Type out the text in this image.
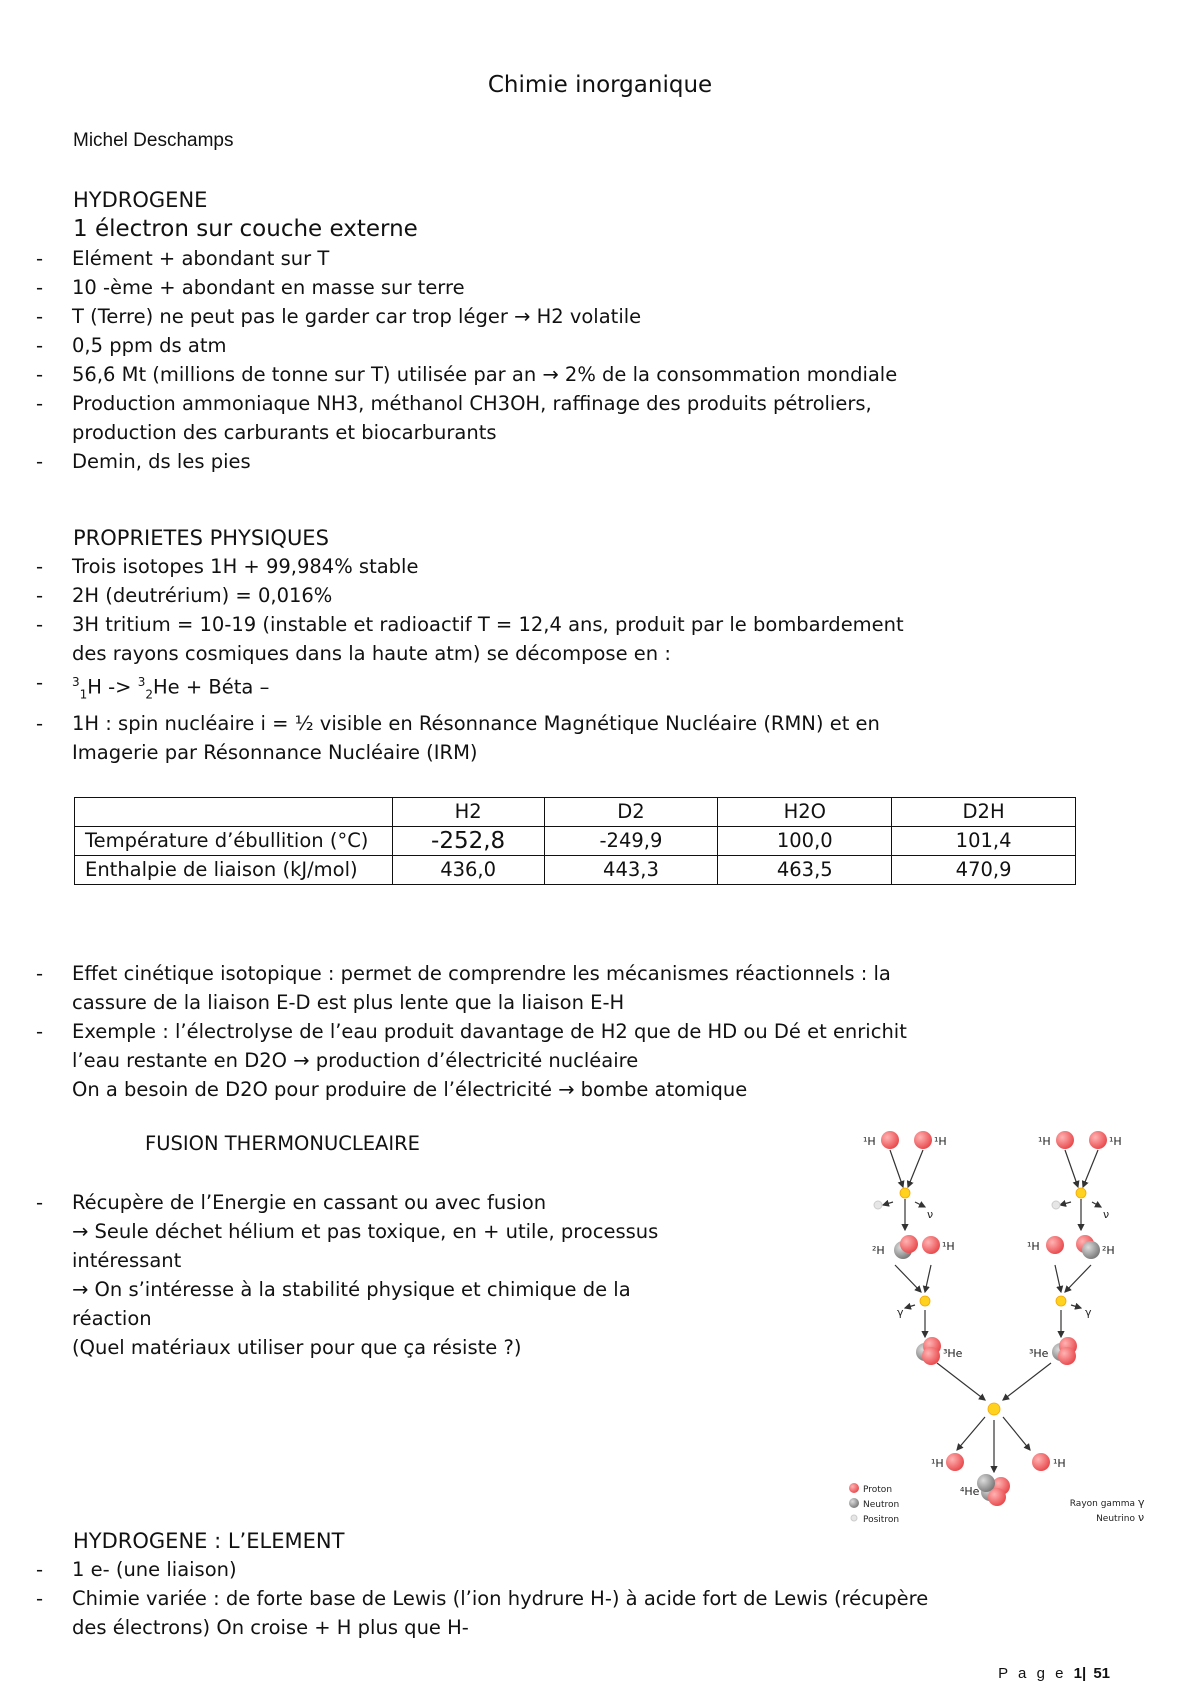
Chimie inorganique
Michel Deschamps
HYDROGENE
1 électron sur couche externe
- Elément + abondant sur T
- 10 -ème + abondant en masse sur terre
- T (Terre) ne peut pas le garder car trop léger → H2 volatile
- 0,5 ppm ds atm
- 56,6 Mt (millions de tonne sur T) utilisée par an → 2% de la consommation mondiale
- Production ammoniaque NH3, méthanol CH3OH, raffinage des produits pétroliers,
production des carburants et biocarburants
- Demin, ds les pies
PROPRIETES PHYSIQUES
- Trois isotopes 1H + 99,984% stable
- 2H (deutrérium) = 0,016%
- 3H tritium = 10-19 (instable et radioactif T = 12,4 ans, produit par le bombardement
des rayons cosmiques dans la haute atm) se décompose en :
- $^3_1$H -> $^3_2$He + Béta –
- 1H : spin nucléaire i = ½ visible en Résonnance Magnétique Nucléaire (RMN) et en
Imagerie par Résonnance Nucléaire (IRM)
	H2	D2	H2O	D2H
Température d’ébullition (°C)	-252,8	-249,9	100,0	101,4
Enthalpie de liaison (kJ/mol)	436,0	443,3	463,5	470,9
- Effet cinétique isotopique : permet de comprendre les mécanismes réactionnels : la
cassure de la liaison E-D est plus lente que la liaison E-H
- Exemple : l’électrolyse de l’eau produit davantage de H2 que de HD ou Dé et enrichit
l’eau restante en D2O → production d’électricité nucléaire
On a besoin de D2O pour produire de l’électricité → bombe atomique
FUSION THERMONUCLEAIRE
- Récupère de l’Energie en cassant ou avec fusion
→ Seule déchet hélium et pas toxique, en + utile, processus
intéressant
→ On s’intéresse à la stabilité physique et chimique de la
réaction
(Quel matériaux utiliser pour que ça résiste ?)
¹H	¹H	¹H	¹H
ν	ν
²H	¹H	¹H	²H
γ	γ
³He	³He
¹H	¹H
⁴He
Proton
Neutron
Positron
Rayon gamma
Neutrino
γ
ν
HYDROGENE : L’ELEMENT
- 1 e- (une liaison)
- Chimie variée : de forte base de Lewis (l’ion hydrure H-) à acide fort de Lewis (récupère
des électrons) On croise + H plus que H-
P a g e 1| 51
